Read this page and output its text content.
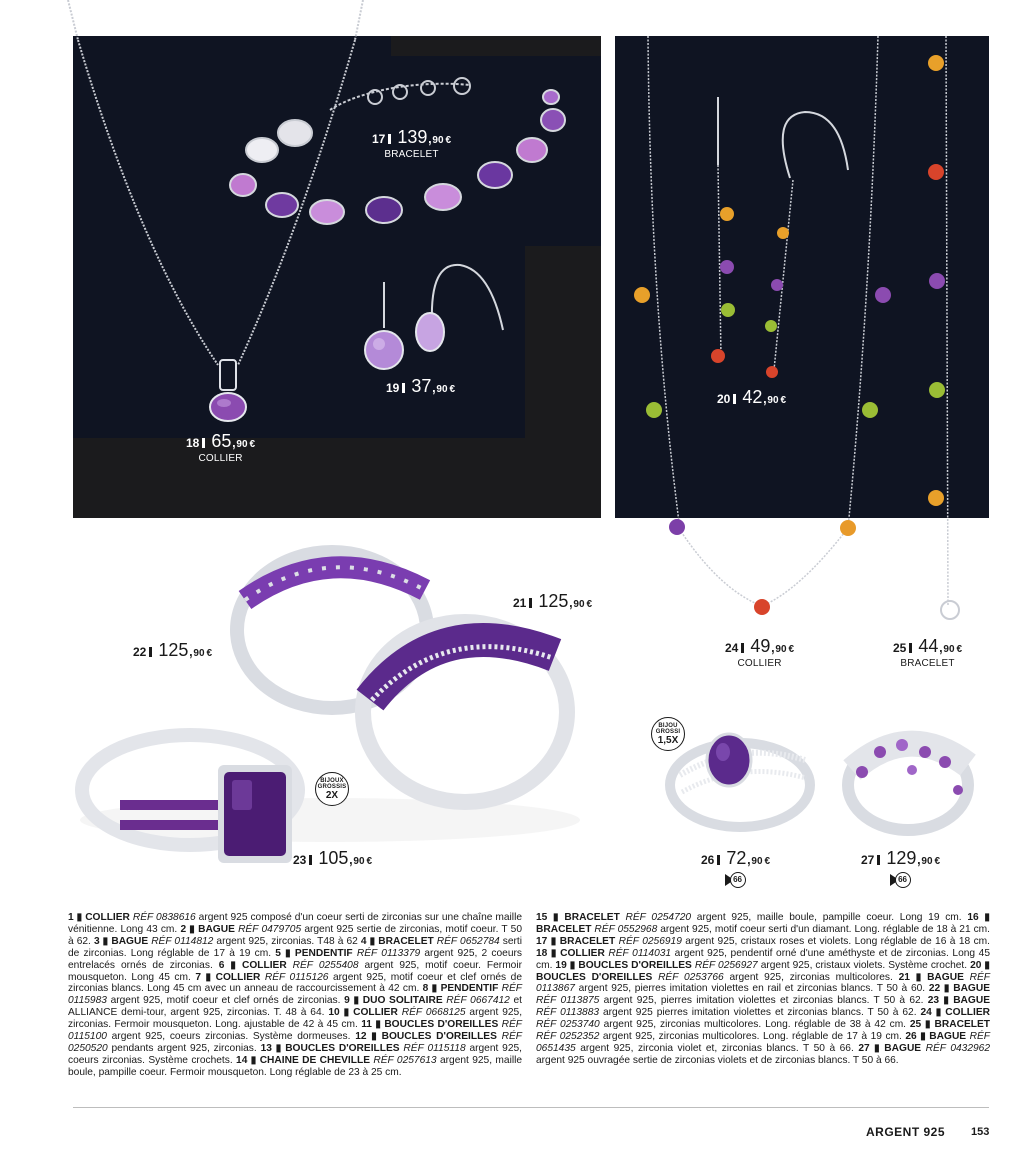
17 139,90 €
BRACELET
18 65,90 €
COLLIER
19 37,90 €
20 42,90 €
24 49,90 €
COLLIER
25 44,90 €
BRACELET
BIJOUX GROSSIS
2X
21 125,90 €
22 125,90 €
23 105,90 €
BIJOU GROSSI
1,5X
26 72,90 €
66
27 129,90 €
66

1 ▮ COLLIER RÉF 0838616 argent 925 composé d'un coeur serti de zirconias sur une chaîne maille vénitienne. Long 43 cm. 2 ▮ BAGUE RÉF 0479705 argent 925 sertie de zirconias, motif coeur. T 50 à 62. 3 ▮ BAGUE RÉF 0114812 argent 925, zirconias. T48 à 62 4 ▮ BRACELET RÉF 0652784 serti de zirconias. Long réglable de 17 à 19 cm. 5 ▮ PENDENTIF RÉF 0113379 argent 925, 2 coeurs entrelacés ornés de zirconias. 6 ▮ COLLIER RÉF 0255408 argent 925, motif coeur. Fermoir mousqueton. Long 45 cm. 7 ▮ COLLIER RÉF 0115126 argent 925, motif coeur et clef ornés de zirconias blancs. Long 45 cm avec un anneau de raccourcissement à 42 cm. 8 ▮ PENDENTIF RÉF 0115983 argent 925, motif coeur et clef ornés de zirconias. 9 ▮ DUO SOLITAIRE RÉF 0667412 et ALLIANCE demi-tour, argent 925, zirconias. T. 48 à 64. 10 ▮ COLLIER RÉF 0668125 argent 925, zirconias. Fermoir mousqueton. Long. ajustable de 42 à 45 cm. 11 ▮ BOUCLES D'OREILLES RÉF 0115100 argent 925, coeurs zirconias. Système dormeuses. 12 ▮ BOUCLES D'OREILLES RÉF 0250520 pendants argent 925, zirconias. 13 ▮ BOUCLES D'OREILLES RÉF 0115118 argent 925, coeurs zirconias. Système crochets. 14 ▮ CHAINE DE CHEVILLE RÉF 0257613 argent 925, maille boule, pampille coeur. Fermoir mousqueton. Long réglable de 23 à 25 cm.

15 ▮ BRACELET RÉF 0254720 argent 925, maille boule, pampille coeur. Long 19 cm. 16 ▮ BRACELET RÉF 0552968 argent 925, motif coeur serti d'un diamant. Long. réglable de 18 à 21 cm. 17 ▮ BRACELET RÉF 0256919 argent 925, cristaux roses et violets. Long réglable de 16 à 18 cm. 18 ▮ COLLIER RÉF 0114031 argent 925, pendentif orné d'une améthyste et de zirconias. Long 45 cm. 19 ▮ BOUCLES D'OREILLES RÉF 0256927 argent 925, cristaux violets. Système crochet. 20 ▮ BOUCLES D'OREILLES RÉF 0253766 argent 925, zirconias multicolores. 21 ▮ BAGUE RÉF 0113867 argent 925, pierres imitation violettes en rail et zirconias blancs. T 50 à 60. 22 ▮ BAGUE RÉF 0113875 argent 925, pierres imitation violettes et zirconias blancs. T 50 à 62. 23 ▮ BAGUE RÉF 0113883 argent 925 pierres imitation violettes et zirconias blancs. T 50 à 62. 24 ▮ COLLIER RÉF 0253740 argent 925, zirconias multicolores. Long. réglable de 38 à 42 cm. 25 ▮ BRACELET RÉF 0252352 argent 925, zirconias multicolores. Long. réglable de 17 à 19 cm. 26 ▮ BAGUE RÉF 0651435 argent 925, zirconia violet et, zirconias blancs. T 50 à 66. 27 ▮ BAGUE RÉF 0432962 argent 925 ouvragée sertie de zirconias violets et de zirconias blancs. T 50 à 66.

ARGENT 925 153
